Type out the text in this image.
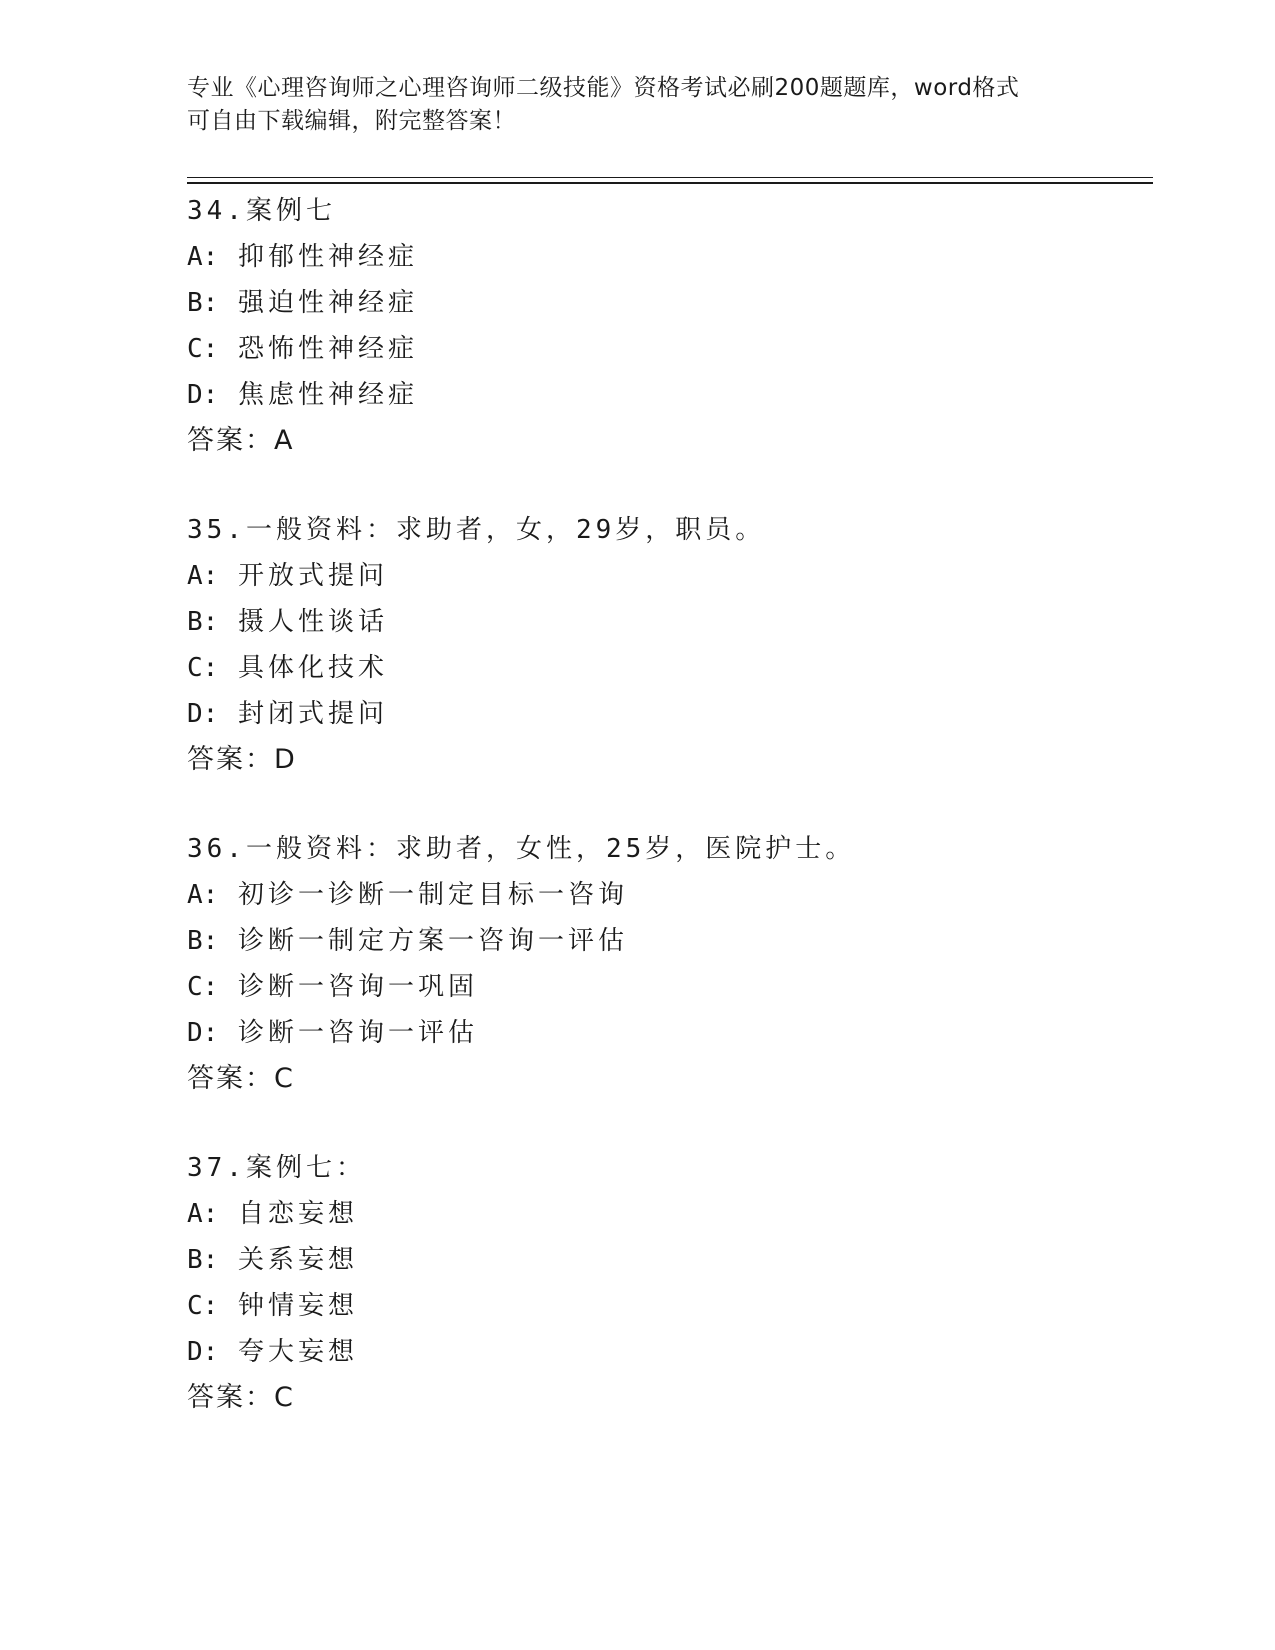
专业《心理咨询师之心理咨询师二级技能》资格考试必刷200题题库，word格式
可自由下载编辑，附完整答案！
34.案例七
A: 抑郁性神经症
B: 强迫性神经症
C: 恐怖性神经症
D: 焦虑性神经症
答案：A
35.一般资料：求助者，女，29岁，职员。
A: 开放式提问
B: 摄人性谈话
C: 具体化技术
D: 封闭式提问
答案：D
36.一般资料：求助者，女性，25岁，医院护士。
A: 初诊一诊断一制定目标一咨询
B: 诊断一制定方案一咨询一评估
C: 诊断一咨询一巩固
D: 诊断一咨询一评估
答案：C
37.案例七：
A: 自恋妄想
B: 关系妄想
C: 钟情妄想
D: 夸大妄想
答案：C
